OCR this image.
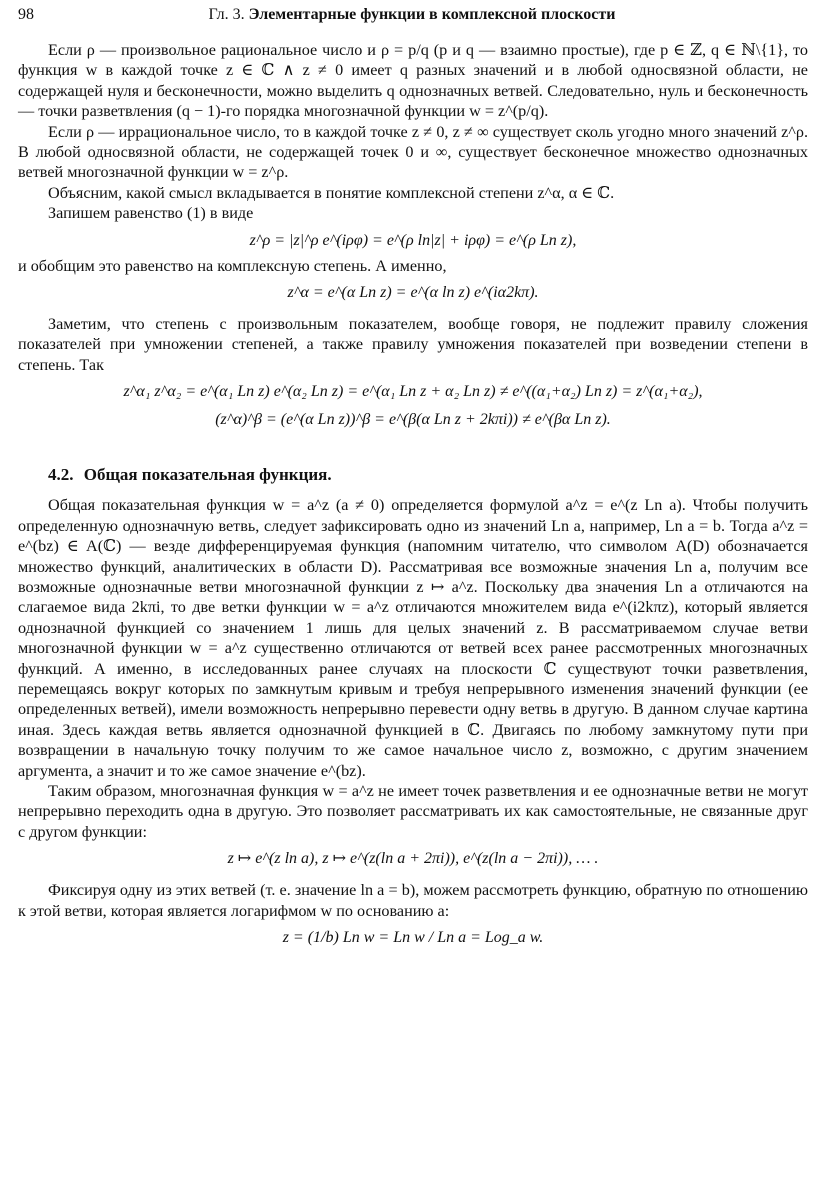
98	Гл. 3. Элементарные функции в комплексной плоскости

Если ρ — произвольное рациональное число и ρ = p/q (p и q — взаимно простые), где p ∈ ℤ, q ∈ ℕ\{1}, то функция w в каждой точке z ∈ ℂ ∧ z ≠ 0 имеет q разных значений и в любой односвязной области, не содержащей нуля и бесконечности, можно выделить q однозначных ветвей. Следовательно, нуль и бесконечность — точки разветвления (q − 1)-го порядка многозначной функции w = z^(p/q).

Если ρ — иррациональное число, то в каждой точке z ≠ 0, z ≠ ∞ существует сколь угодно много значений z^ρ. В любой односвязной области, не содержащей точек 0 и ∞, существует бесконечное множество однозначных ветвей многозначной функции w = z^ρ.

Объясним, какой смысл вкладывается в понятие комплексной степени z^α, α ∈ ℂ.

Запишем равенство (1) в виде

z^ρ = |z|^ρ e^(iρφ) = e^(ρ ln|z| + iρφ) = e^(ρ Ln z),

и обобщим это равенство на комплексную степень. А именно,

z^α = e^(α Ln z) = e^(α ln z) e^(iα2kπ).

Заметим, что степень с произвольным показателем, вообще говоря, не подлежит правилу сложения показателей при умножении степеней, а также правилу умножения показателей при возведении степени в степень. Так

z^α₁ z^α₂ = e^(α₁ Ln z) e^(α₂ Ln z) = e^(α₁ Ln z + α₂ Ln z) ≠ e^((α₁+α₂) Ln z) = z^(α₁+α₂),
(z^α)^β = (e^(α Ln z))^β = e^(β(α Ln z + 2kπi)) ≠ e^(βα Ln z).
4.2. Общая показательная функция.

Общая показательная функция w = a^z (a ≠ 0) определяется формулой a^z = e^(z Ln a). Чтобы получить определенную однозначную ветвь, следует зафиксировать одно из значений Ln a, например, Ln a = b. Тогда a^z = e^(bz) ∈ A(ℂ) — везде дифференцируемая функция (напомним читателю, что символом A(D) обозначается множество функций, аналитических в области D). Рассматривая все возможные значения Ln a, получим все возможные однозначные ветви многозначной функции z ↦ a^z. Поскольку два значения Ln a отличаются на слагаемое вида 2kπi, то две ветки функции w = a^z отличаются множителем вида e^(i2kπz), который является однозначной функцией со значением 1 лишь для целых значений z. В рассматриваемом случае ветви многозначной функции w = a^z существенно отличаются от ветвей всех ранее рассмотренных многозначных функций. А именно, в исследованных ранее случаях на плоскости ℂ существуют точки разветвления, перемещаясь вокруг которых по замкнутым кривым и требуя непрерывного изменения значений функции (ее определенных ветвей), имели возможность непрерывно перевести одну ветвь в другую. В данном случае картина иная. Здесь каждая ветвь является однозначной функцией в ℂ. Двигаясь по любому замкнутому пути при возвращении в начальную точку получим то же самое начальное число z, возможно, с другим значением аргумента, а значит и то же самое значение e^(bz).

Таким образом, многозначная функция w = a^z не имеет точек разветвления и ее однозначные ветви не могут непрерывно переходить одна в другую. Это позволяет рассматривать их как самостоятельные, не связанные друг с другом функции:

z ↦ e^(z ln a), z ↦ e^(z(ln a + 2πi)), e^(z(ln a − 2πi)), … .

Фиксируя одну из этих ветвей (т. е. значение ln a = b), можем рассмотреть функцию, обратную по отношению к этой ветви, которая является логарифмом w по основанию a:

z = (1/b) Ln w = Ln w / Ln a = Log_a w.
